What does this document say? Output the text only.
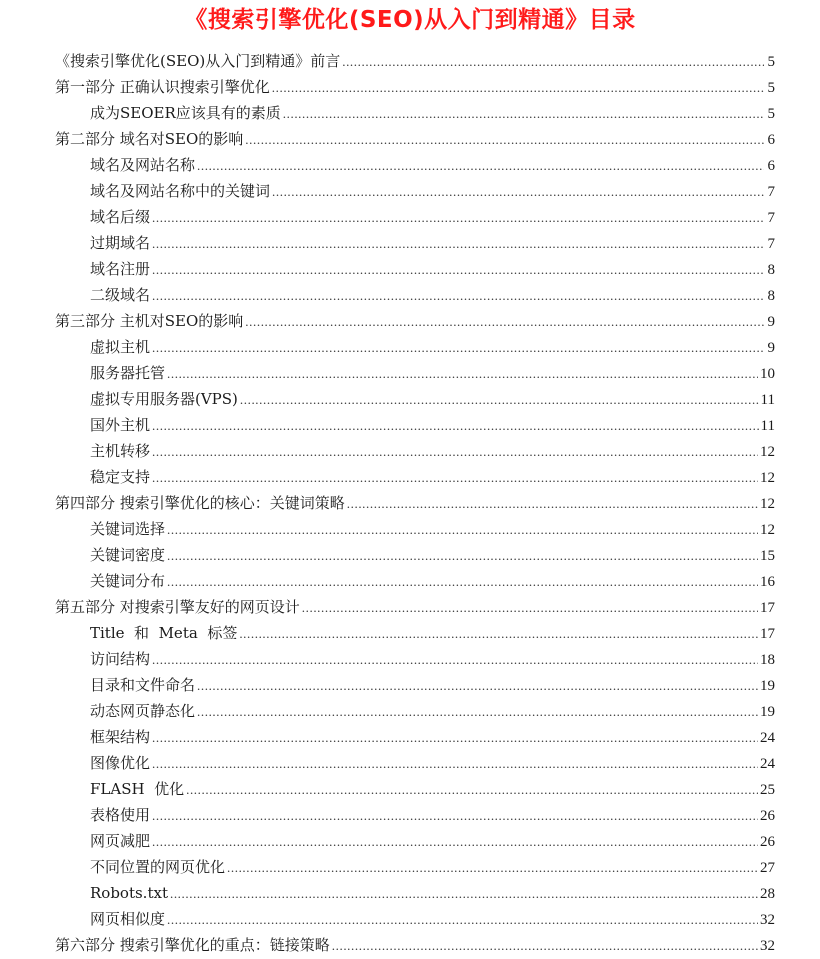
《搜索引擎优化(SEO)从入门到精通》目录
《搜索引擎优化(SEO)从入门到精通》前言 .....	5
第一部分 正确认识搜索引擎优化 .....	5
成为SEOER应该具有的素质 .....	5
第二部分 域名对SEO的影响 .....	6
域名及网站名称 .....	6
域名及网站名称中的关键词 .....	7
域名后缀 .....	7
过期域名 .....	7
域名注册 .....	8
二级域名 .....	8
第三部分 主机对SEO的影响 .....	9
虚拟主机 .....	9
服务器托管 .....	10
虚拟专用服务器(VPS) .....	11
国外主机 .....	11
主机转移 .....	12
稳定支持 .....	12
第四部分 搜索引擎优化的核心：关键词策略 .....	12
关键词选择 .....	12
关键词密度 .....	15
关键词分布 .....	16
第五部分 对搜索引擎友好的网页设计 .....	17
Title  和  Meta  标签 .....	17
访问结构 .....	18
目录和文件命名 .....	19
动态网页静态化 .....	19
框架结构 .....	24
图像优化 .....	24
FLASH  优化 .....	25
表格使用 .....	26
网页减肥 .....	26
不同位置的网页优化 .....	27
Robots.txt .....	28
网页相似度 .....	32
第六部分 搜索引擎优化的重点：链接策略 .....	32
